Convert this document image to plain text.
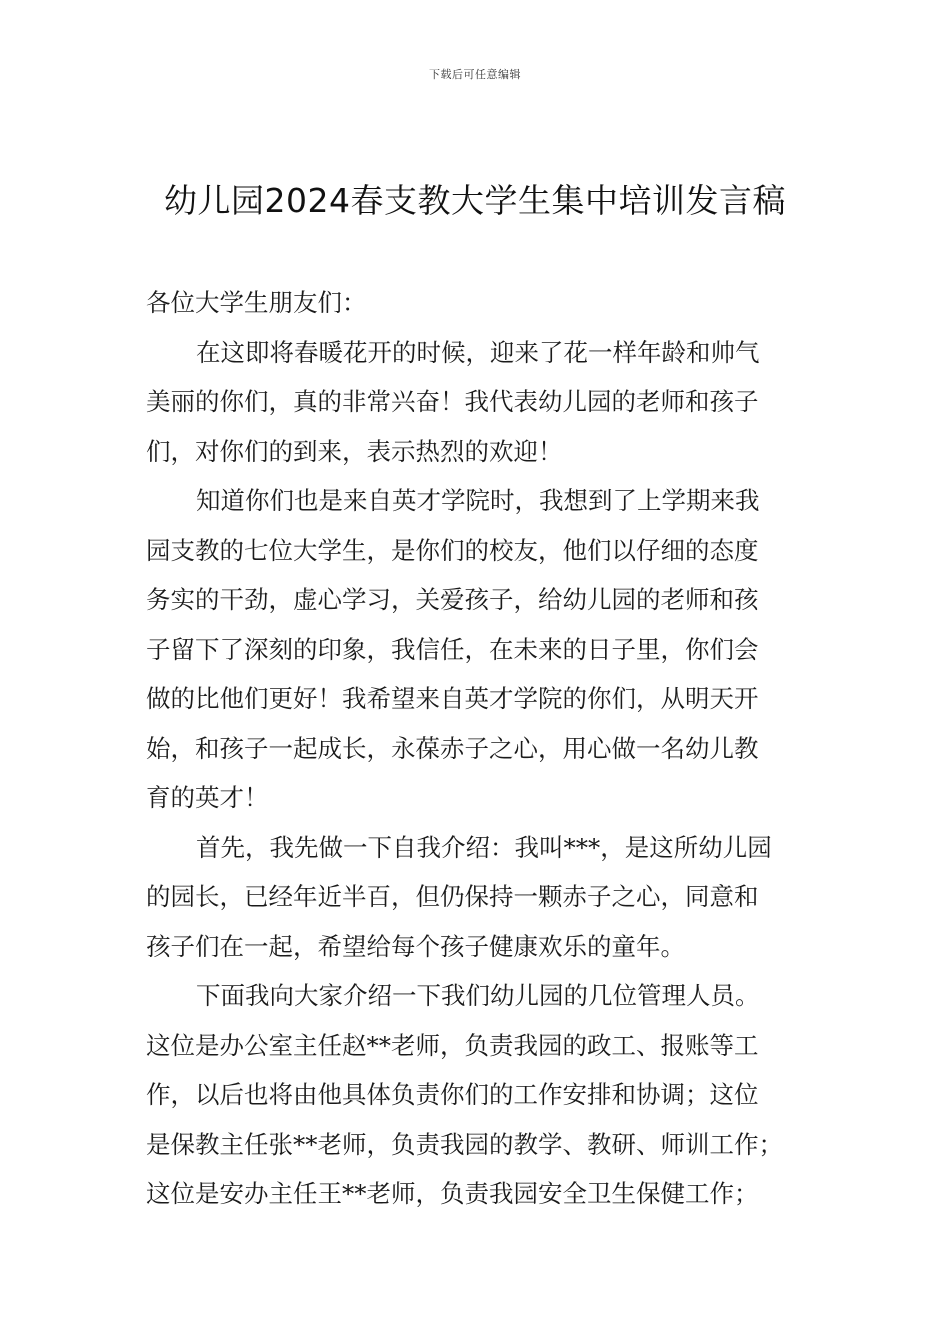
下载后可任意编辑
幼儿园2024春支教大学生集中培训发言稿

各位大学生朋友们：

在这即将春暖花开的时候，迎来了花一样年龄和帅气

美丽的你们，真的非常兴奋！我代表幼儿园的老师和孩子

们，对你们的到来，表示热烈的欢迎！

知道你们也是来自英才学院时，我想到了上学期来我

园支教的七位大学生，是你们的校友，他们以仔细的态度

务实的干劲，虚心学习，关爱孩子，给幼儿园的老师和孩

子留下了深刻的印象，我信任，在未来的日子里，你们会

做的比他们更好！我希望来自英才学院的你们，从明天开

始，和孩子一起成长，永葆赤子之心，用心做一名幼儿教

育的英才！

首先，我先做一下自我介绍：我叫***，是这所幼儿园

的园长，已经年近半百，但仍保持一颗赤子之心，同意和

孩子们在一起，希望给每个孩子健康欢乐的童年。

下面我向大家介绍一下我们幼儿园的几位管理人员。

这位是办公室主任赵**老师，负责我园的政工、报账等工

作，以后也将由他具体负责你们的工作安排和协调；这位

是保教主任张**老师，负责我园的教学、教研、师训工作；

这位是安办主任王**老师，负责我园安全卫生保健工作；
